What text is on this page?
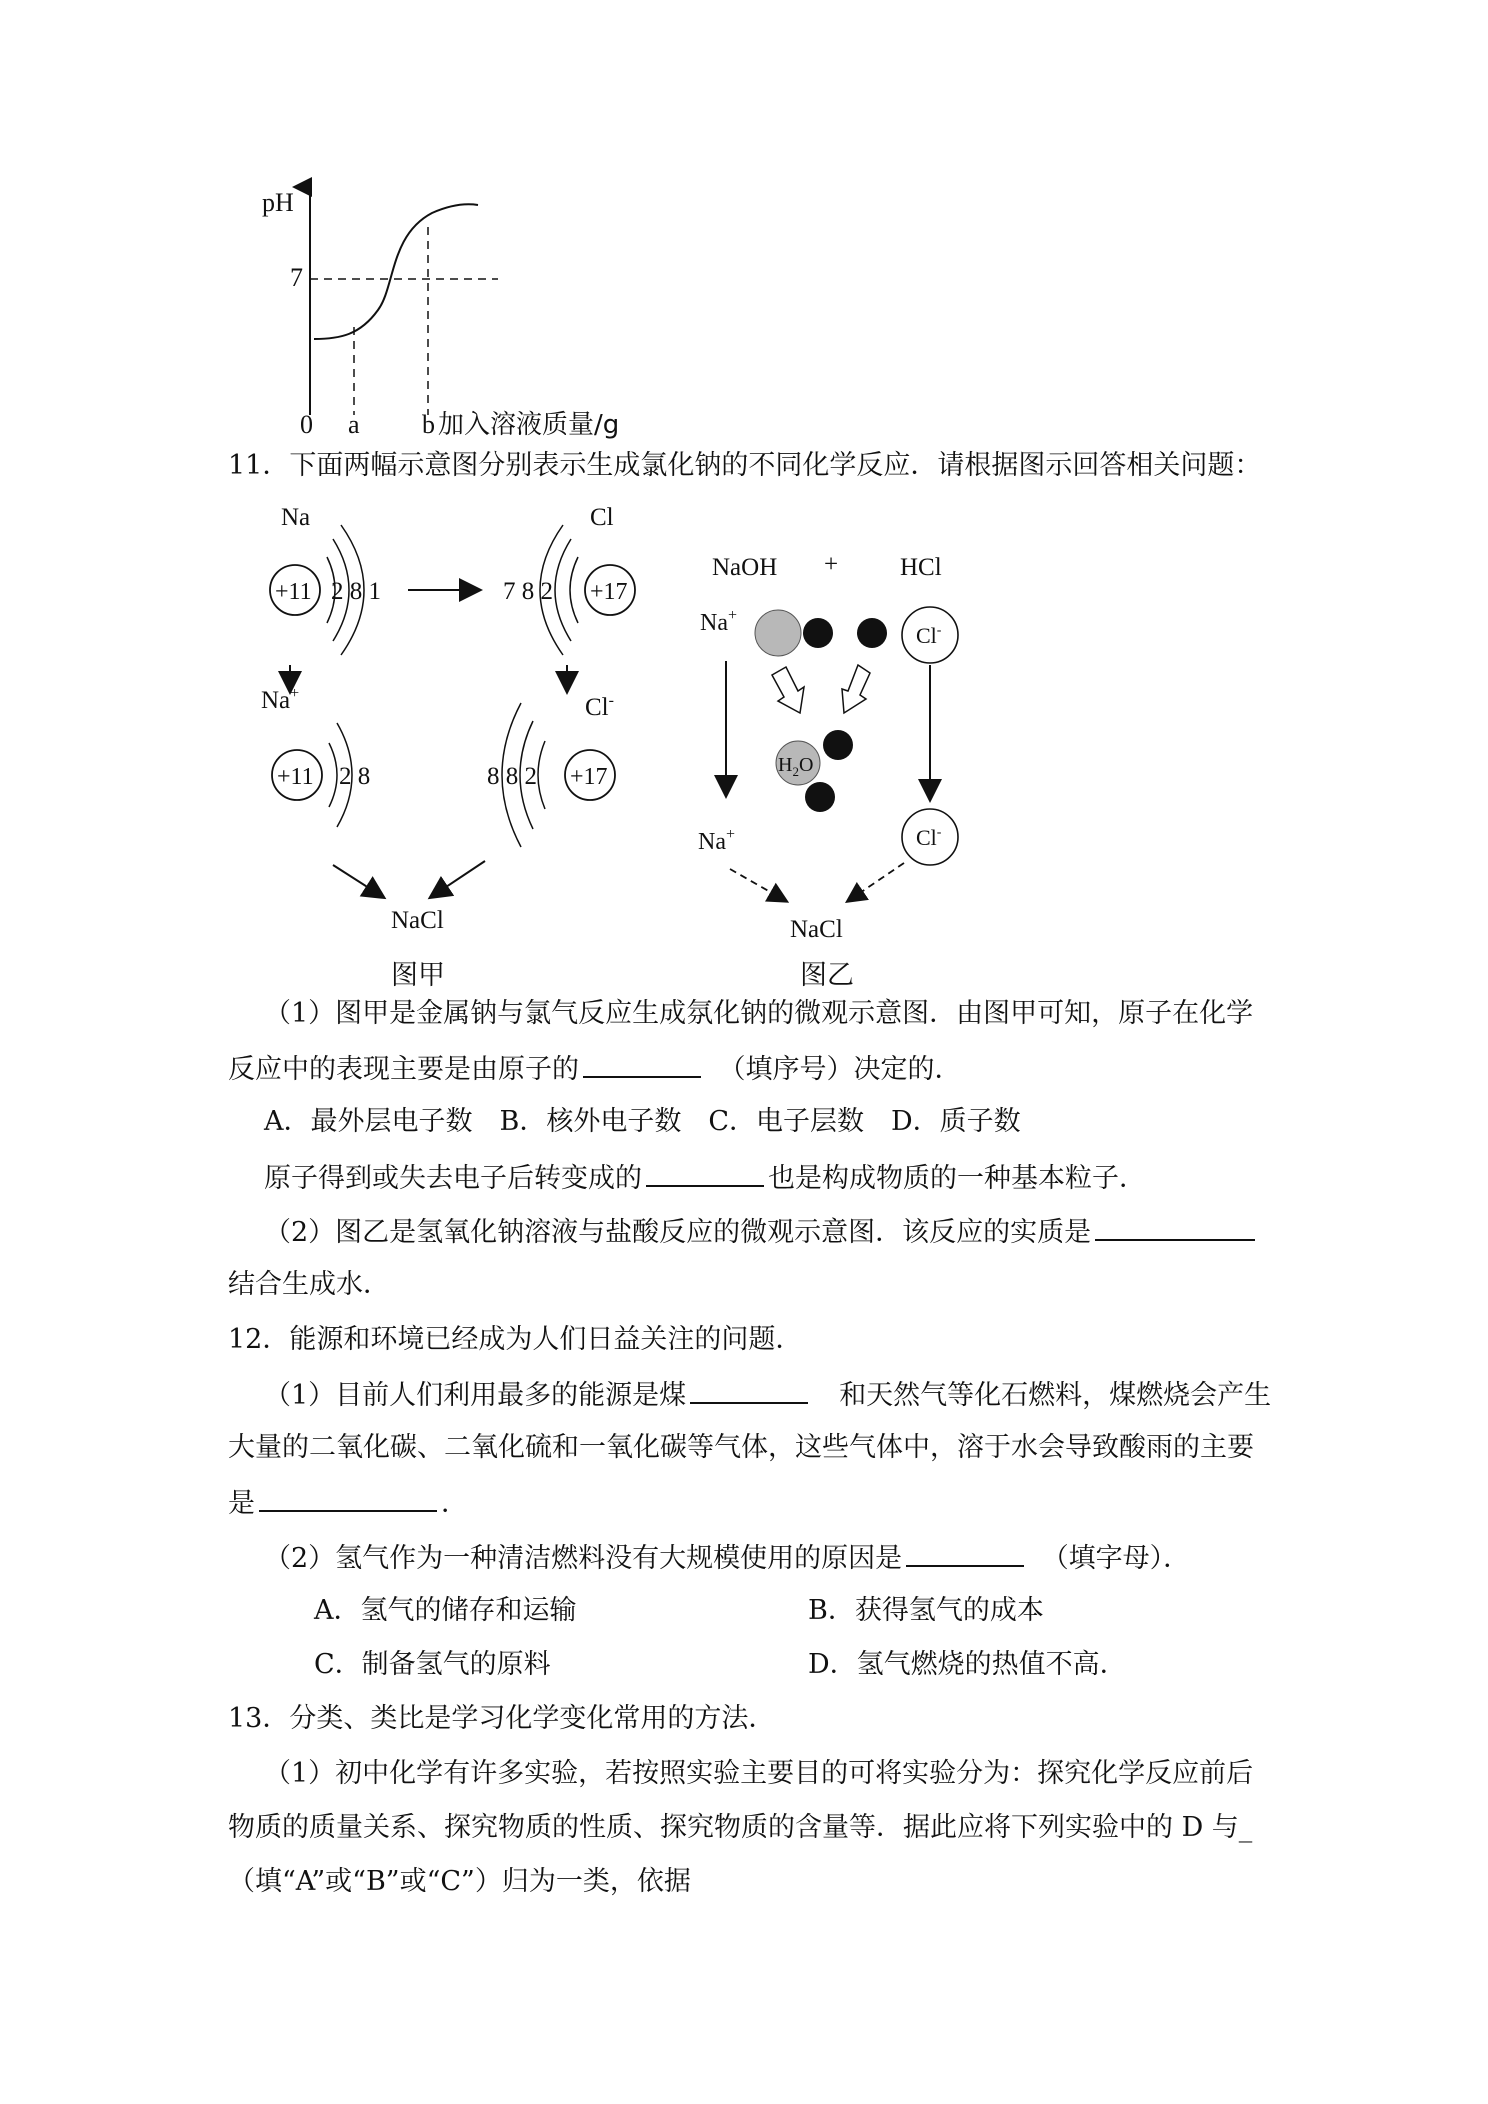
pH
7
0 a b 加入溶液质量/g
11．下面两幅示意图分别表示生成氯化钠的不同化学反应．请根据图示回答相关问题：
Na
+11 2 8 1
Cl
+17
7 8 2
Na+
+11 2 8
Cl-
+17
8 8 2
NaCl
图甲
NaOH + HCl
Na+
Cl-
$H_2O$
Na+	Cl-
NaCl
图乙
（1）图甲是金属钠与氯气反应生成氛化钠的微观示意图．由图甲可知，原子在化学
反应中的表现主要是由原子的　	（填序号）决定的．
A．最外层电子数　B．核外电子数　C．电子层数　D．质子数
原子得到或失去电子后转变成的	也是构成物质的一种基本粒子．
（2）图乙是氢氧化钠溶液与盐酸反应的微观示意图．该反应的实质是
结合生成水．
12．能源和环境已经成为人们日益关注的问题．
（1）目前人们利用最多的能源是煤　	和天然气等化石燃料，煤燃烧会产生
大量的二氧化碳、二氧化硫和一氧化碳等气体，这些气体中，溶于水会导致酸雨的主要
是	．
（2）氢气作为一种清洁燃料没有大规模使用的原因是　	（填字母）．
A．氢气的储存和运输	B．获得氢气的成本
C．制备氢气的原料	D．氢气燃烧的热值不高．
13．分类、类比是学习化学变化常用的方法．
（1）初中化学有许多实验，若按照实验主要目的可将实验分为：探究化学反应前后
物质的质量关系、探究物质的性质、探究物质的含量等．据此应将下列实验中的 D 与_
（填“A”或“B”或“C”）归为一类，依据
